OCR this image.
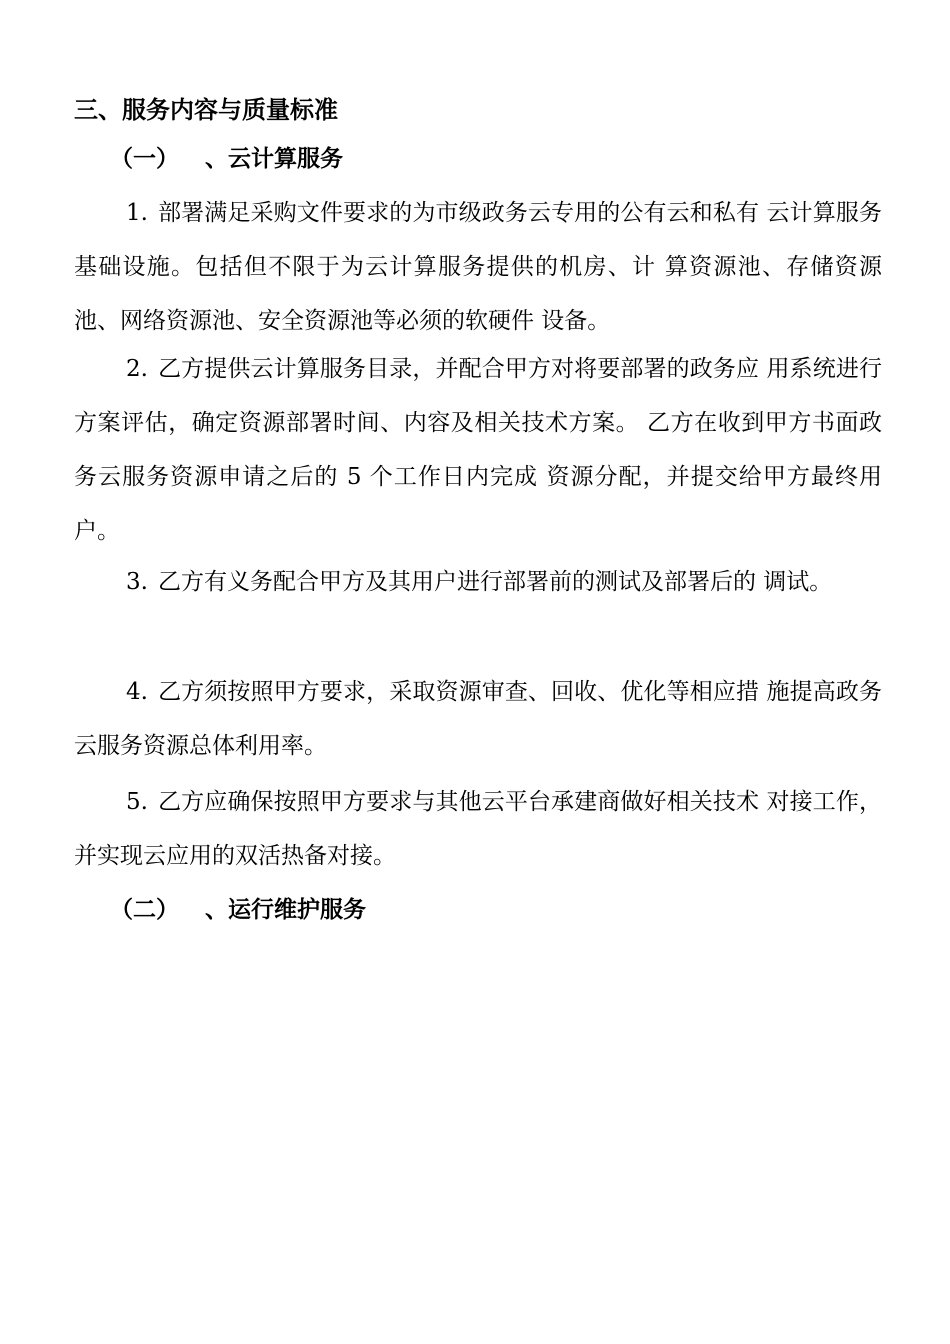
三、服务内容与质量标准
（一） 、云计算服务

1. 部署满足采购文件要求的为市级政务云专用的公有云和私有 云计算服务基础设施。包括但不限于为云计算服务提供的机房、计 算资源池、存储资源池、网络资源池、安全资源池等必须的软硬件 设备。

2. 乙方提供云计算服务目录，并配合甲方对将要部署的政务应 用系统进行方案评估，确定资源部署时间、内容及相关技术方案。 乙方在收到甲方书面政务云服务资源申请之后的 5 个工作日内完成 资源分配，并提交给甲方最终用户。

3. 乙方有义务配合甲方及其用户进行部署前的测试及部署后的 调试。

4. 乙方须按照甲方要求，采取资源审查、回收、优化等相应措 施提高政务云服务资源总体利用率。

5. 乙方应确保按照甲方要求与其他云平台承建商做好相关技术 对接工作，并实现云应用的双活热备对接。

（二） 、运行维护服务
